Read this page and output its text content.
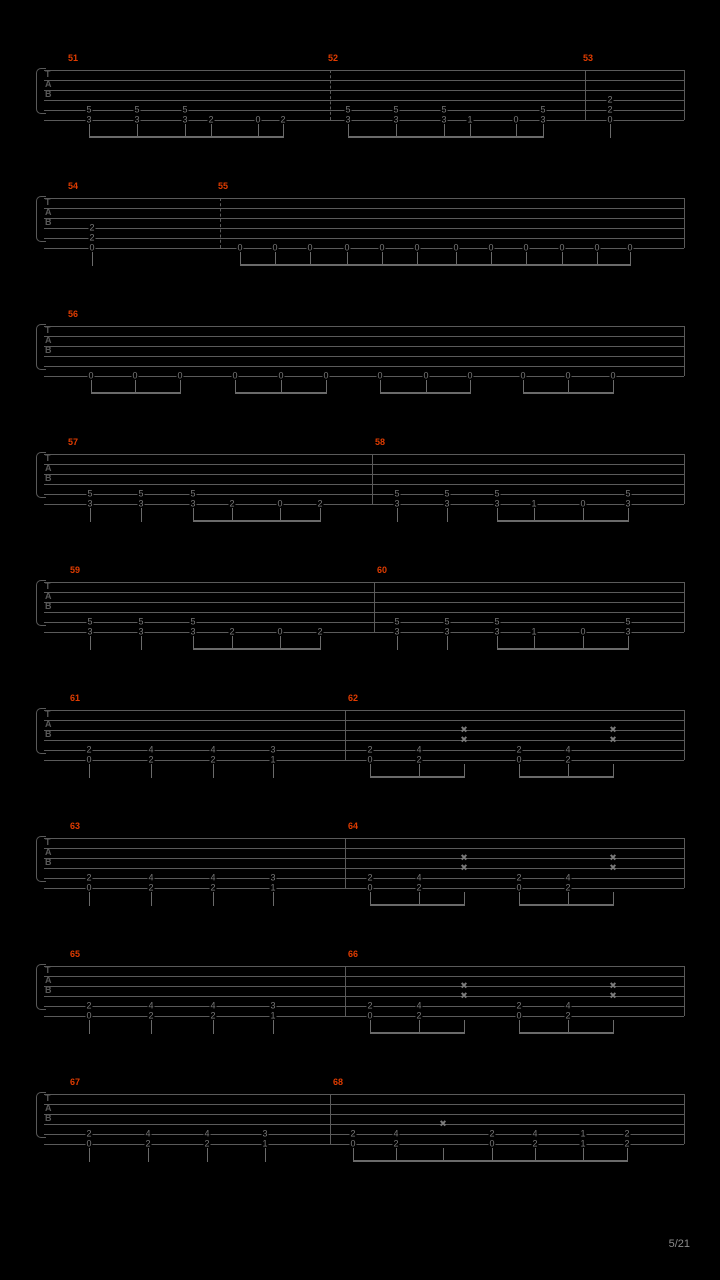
T
A
B
51	52	53
5
3
5
3
5
3 2	0 2
5
3
5
3
5
3 1	0
5
3
2
2
0
T
A
B
54	55
2
2
0	0	0	0	0	0	0	0	0	0	0	0	0
T
A
B
56
0	0	0	0	0	0	0	0	0	0	0	0
T
A
B
57	58
5
3
5
3
5
3	2	0	2
5
3
5
3
5
3	1	0
5
3
T
A
B
59	60
5
3
5
3
5
3	2	0	2
5
3
5
3
5
3	1	0
5
3
T
A
B
61	62
2
0
4
2
4
2
3
1
2
0
4
2
2
0
4
2
✖
✖
✖
✖
T
A
B
63	64
2
0
4
2
4
2
3
1
2
0
4
2
2
0
4
2
✖
✖
✖
✖
T
A
B
65	66
2
0
4
2
4
2
3
1
2
0
4
2
2
0
4
2
✖
✖
✖
✖
T
A
B
67	68
2
0
4
2
4
2
3
1
2
0
4
2
2
0
4
2
1
1
2
2
✖
5/21
